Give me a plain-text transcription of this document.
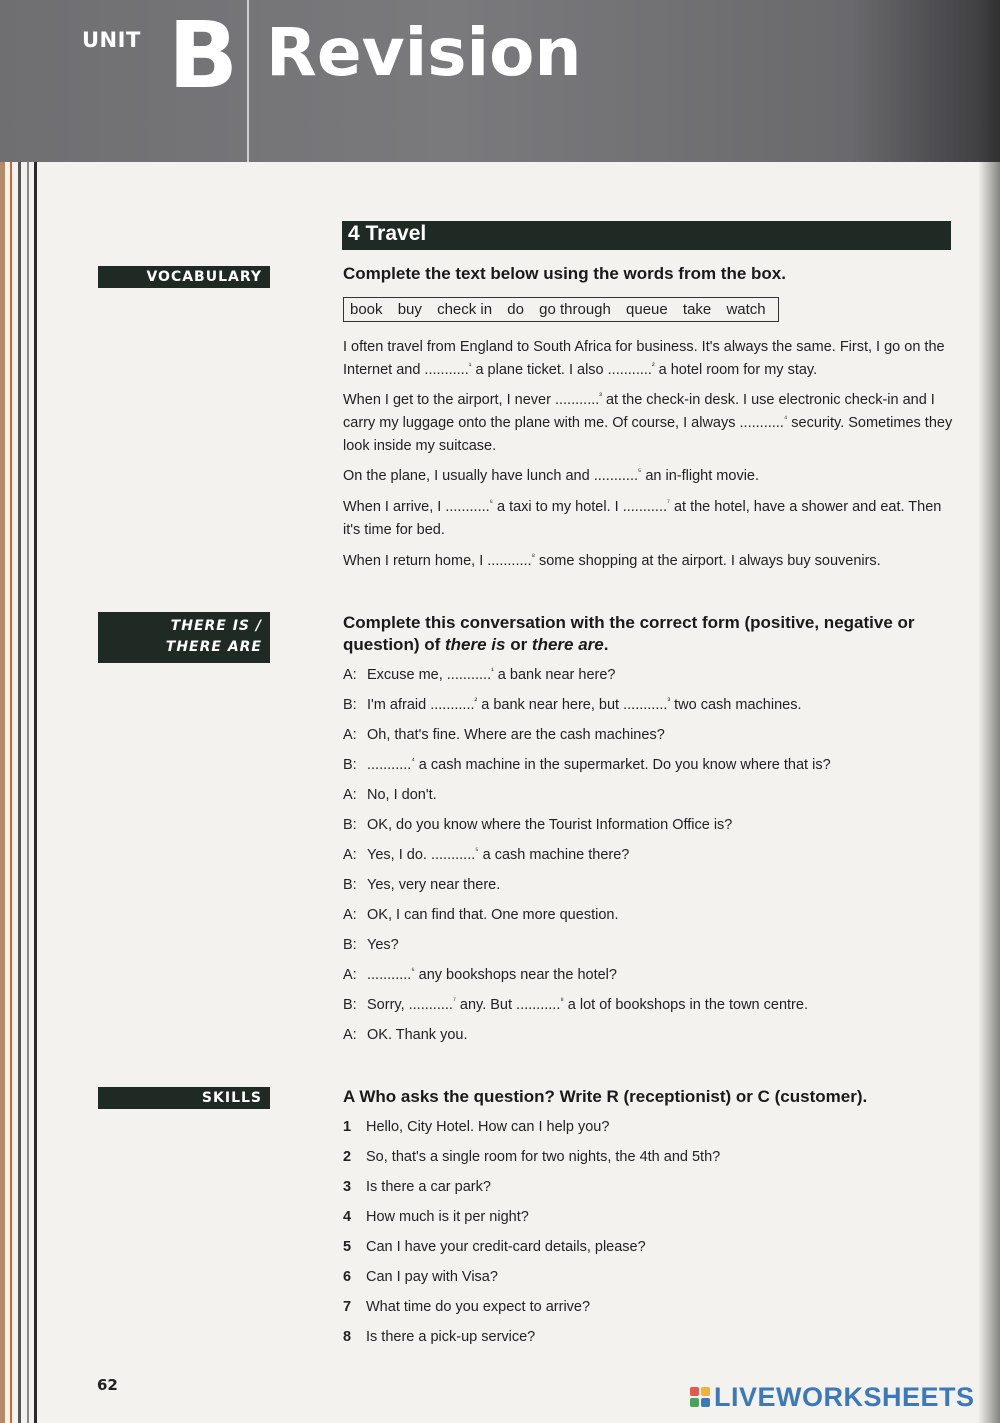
UNIT B Revision
4 Travel
VOCABULARY	Complete the text below using the words from the box.
book buy check in do go through queue take watch
I often travel from England to South Africa for business. It's always the same. First, I go on the Internet and ...........$^{^1}$ a plane ticket. I also ...........$^{^2}$ a hotel room for my stay.
When I get to the airport, I never ...........$^{^3}$ at the check-in desk. I use electronic check-in and I carry my luggage onto the plane with me. Of course, I always ...........$^{^4}$ security. Sometimes they look inside my suitcase.
On the plane, I usually have lunch and ...........$^{^5}$ an in-flight movie.
When I arrive, I ...........$^{^6}$ a taxi to my hotel. I ...........$^{^7}$ at the hotel, have a shower and eat. Then it's time for bed.
When I return home, I ...........$^{^8}$ some shopping at the airport. I always buy souvenirs.
THERE IS /
THERE ARE
Complete this conversation with the correct form (positive, negative or
question) of there is or there are.
A: Excuse me, ...........$^{^1}$ a bank near here?
B: I'm afraid ...........$^{^2}$ a bank near here, but ...........$^{^3}$ two cash machines.
A: Oh, that's fine. Where are the cash machines?
B: ...........$^{^4}$ a cash machine in the supermarket. Do you know where that is?
A: No, I don't.
B: OK, do you know where the Tourist Information Office is?
A: Yes, I do. ...........$^{^5}$ a cash machine there?
B: Yes, very near there.
A: OK, I can find that. One more question.
B: Yes?
A: ...........$^{^6}$ any bookshops near the hotel?
B: Sorry, ...........$^{^7}$ any. But ...........$^{^8}$ a lot of bookshops in the town centre.
A: OK. Thank you.
SKILLS	A Who asks the question? Write R (receptionist) or C (customer).
1 Hello, City Hotel. How can I help you?
2 So, that's a single room for two nights, the 4th and 5th?
3 Is there a car park?
4 How much is it per night?
5 Can I have your credit-card details, please?
6 Can I pay with Visa?
7 What time do you expect to arrive?
8 Is there a pick-up service?
62	LIVEWORKSHEETS
